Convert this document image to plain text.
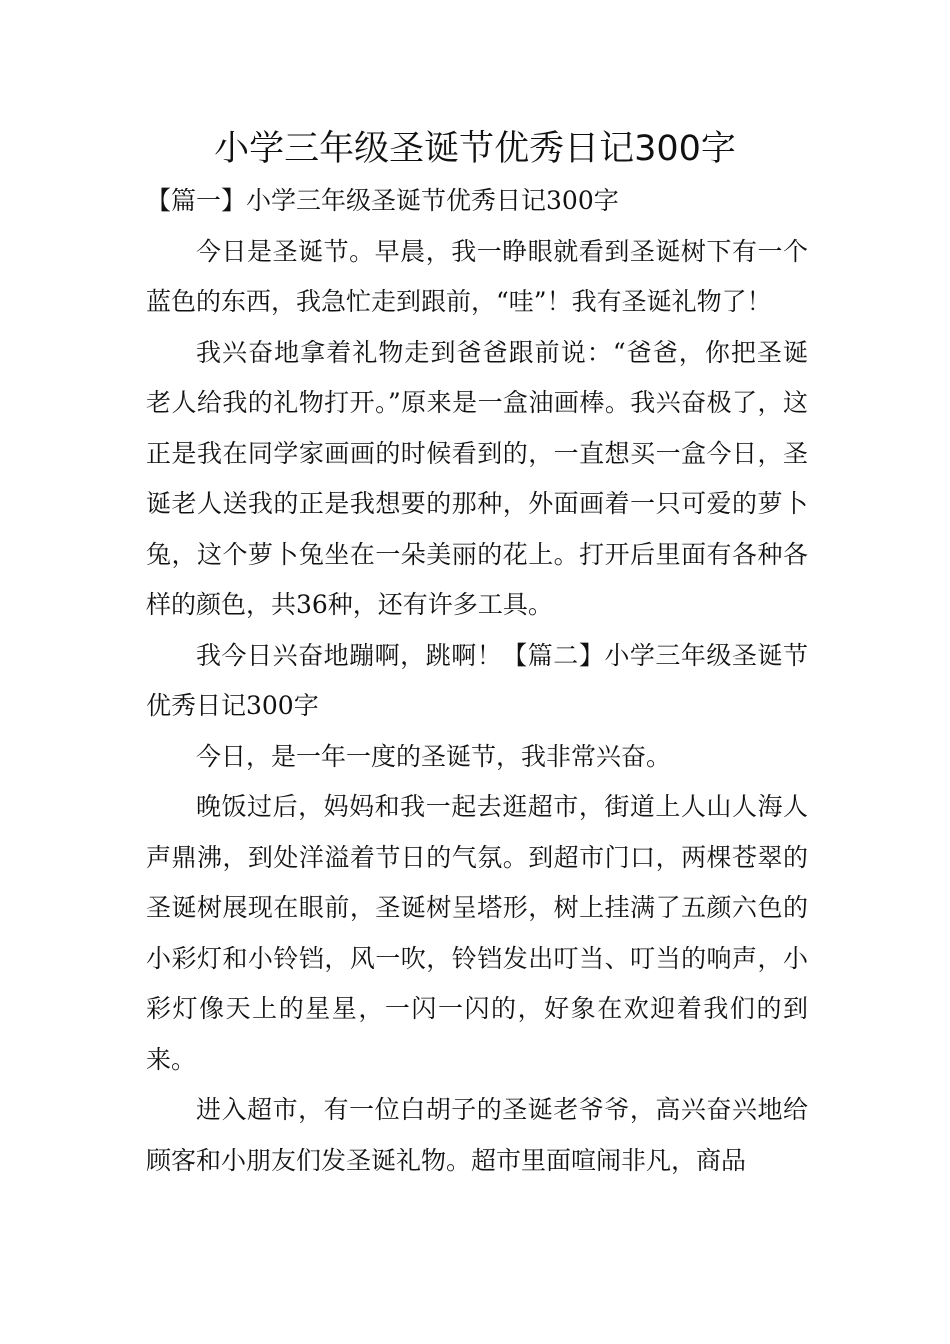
小学三年级圣诞节优秀日记300字

【篇一】小学三年级圣诞节优秀日记300字

今日是圣诞节。早晨，我一睁眼就看到圣诞树下有一个蓝色的东西，我急忙走到跟前，“哇”！我有圣诞礼物了！

我兴奋地拿着礼物走到爸爸跟前说：“爸爸，你把圣诞老人给我的礼物打开。”原来是一盒油画棒。我兴奋极了，这正是我在同学家画画的时候看到的，一直想买一盒今日，圣诞老人送我的正是我想要的那种，外面画着一只可爱的萝卜兔，这个萝卜兔坐在一朵美丽的花上。打开后里面有各种各样的颜色，共36种，还有许多工具。

我今日兴奋地蹦啊，跳啊！【篇二】小学三年级圣诞节优秀日记300字

今日，是一年一度的圣诞节，我非常兴奋。

晚饭过后，妈妈和我一起去逛超市，街道上人山人海人声鼎沸，到处洋溢着节日的气氛。到超市门口，两棵苍翠的圣诞树展现在眼前，圣诞树呈塔形，树上挂满了五颜六色的小彩灯和小铃铛，风一吹，铃铛发出叮当、叮当的响声，小彩灯像天上的星星，一闪一闪的，好象在欢迎着我们的到来。

进入超市，有一位白胡子的圣诞老爷爷，高兴奋兴地给顾客和小朋友们发圣诞礼物。超市里面喧闹非凡，商品
